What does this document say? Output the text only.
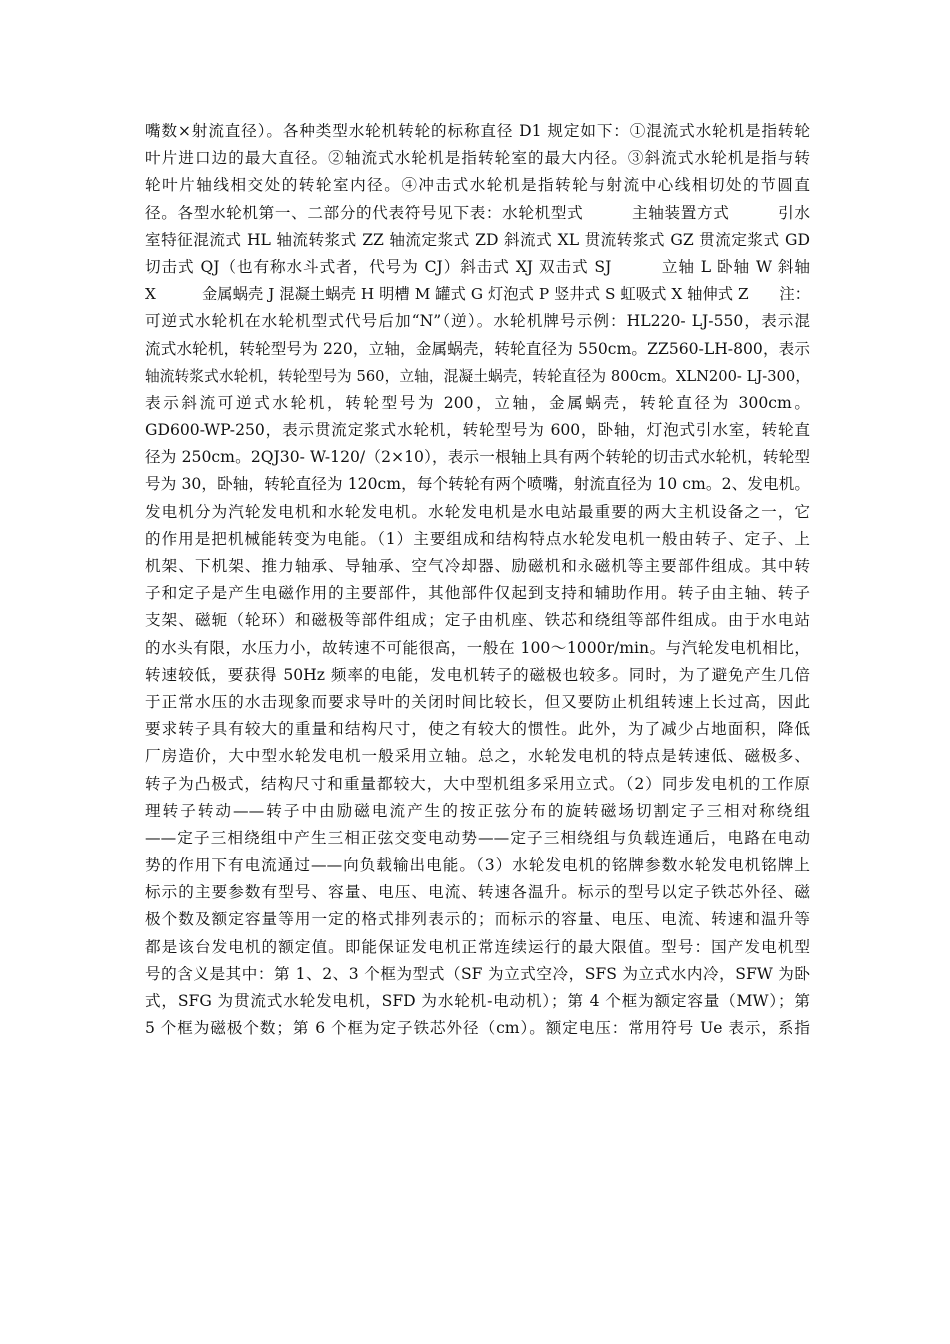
嘴数×射流直径）。各种类型水轮机转轮的标称直径 D1 规定如下：①混流式水轮机是指转轮
叶片进口边的最大直径。②轴流式水轮机是指转轮室的最大内径。③斜流式水轮机是指与转
轮叶片轴线相交处的转轮室内径。④冲击式水轮机是指转轮与射流中心线相切处的节圆直
径。各型水轮机第一、二部分的代表符号见下表：水轮机型式　　　主轴装置方式　　　引水
室特征混流式 HL 轴流转浆式 ZZ 轴流定浆式 ZD 斜流式 XL 贯流转浆式 GZ 贯流定浆式 GD
切击式 QJ（也有称水斗式者，代号为 CJ）斜击式 XJ 双击式 SJ　　　立轴 L 卧轴 W 斜轴
X　　　金属蜗壳 J 混凝土蜗壳 H 明槽 M 罐式 G 灯泡式 P 竖井式 S 虹吸式 X 轴伸式 Z　　注：
可逆式水轮机在水轮机型式代号后加“N”（逆）。水轮机牌号示例：HL220- LJ-550，表示混
流式水轮机，转轮型号为 220，立轴，金属蜗壳，转轮直径为 550cm。ZZ560-LH-800，表示
轴流转浆式水轮机，转轮型号为 560，立轴，混凝土蜗壳，转轮直径为 800cm。XLN200- LJ-300，
表示斜流可逆式水轮机，转轮型号为 200，立轴，金属蜗壳，转轮直径为 300cm。
GD600-WP-250，表示贯流定浆式水轮机，转轮型号为 600，卧轴，灯泡式引水室，转轮直
径为 250cm。2QJ30- W-120/（2×10），表示一根轴上具有两个转轮的切击式水轮机，转轮型
号为 30，卧轴，转轮直径为 120cm，每个转轮有两个喷嘴，射流直径为 10 cm。2、发电机。
发电机分为汽轮发电机和水轮发电机。水轮发电机是水电站最重要的两大主机设备之一，它
的作用是把机械能转变为电能。（1）主要组成和结构特点水轮发电机一般由转子、定子、上
机架、下机架、推力轴承、导轴承、空气冷却器、励磁机和永磁机等主要部件组成。其中转
子和定子是产生电磁作用的主要部件，其他部件仅起到支持和辅助作用。转子由主轴、转子
支架、磁轭（轮环）和磁极等部件组成；定子由机座、铁芯和绕组等部件组成。由于水电站
的水头有限，水压力小，故转速不可能很高，一般在 100～1000r/min。与汽轮发电机相比，
转速较低，要获得 50Hz 频率的电能，发电机转子的磁极也较多。同时，为了避免产生几倍
于正常水压的水击现象而要求导叶的关闭时间比较长，但又要防止机组转速上长过高，因此
要求转子具有较大的重量和结构尺寸，使之有较大的惯性。此外，为了减少占地面积，降低
厂房造价，大中型水轮发电机一般采用立轴。总之，水轮发电机的特点是转速低、磁极多、
转子为凸极式，结构尺寸和重量都较大，大中型机组多采用立式。（2）同步发电机的工作原
理转子转动——转子中由励磁电流产生的按正弦分布的旋转磁场切割定子三相对称绕组
——定子三相绕组中产生三相正弦交变电动势——定子三相绕组与负载连通后，电路在电动
势的作用下有电流通过——向负载输出电能。（3）水轮发电机的铭牌参数水轮发电机铭牌上
标示的主要参数有型号、容量、电压、电流、转速各温升。标示的型号以定子铁芯外径、磁
极个数及额定容量等用一定的格式排列表示的；而标示的容量、电压、电流、转速和温升等
都是该台发电机的额定值。即能保证发电机正常连续运行的最大限值。型号：国产发电机型
号的含义是其中：第 1、2、3 个框为型式（SF 为立式空冷，SFS 为立式水内冷，SFW 为卧
式，SFG 为贯流式水轮发电机，SFD 为水轮机-电动机）；第 4 个框为额定容量（MW）；第
5 个框为磁极个数；第 6 个框为定子铁芯外径（cm）。额定电压：常用符号 Ue 表示，系指
